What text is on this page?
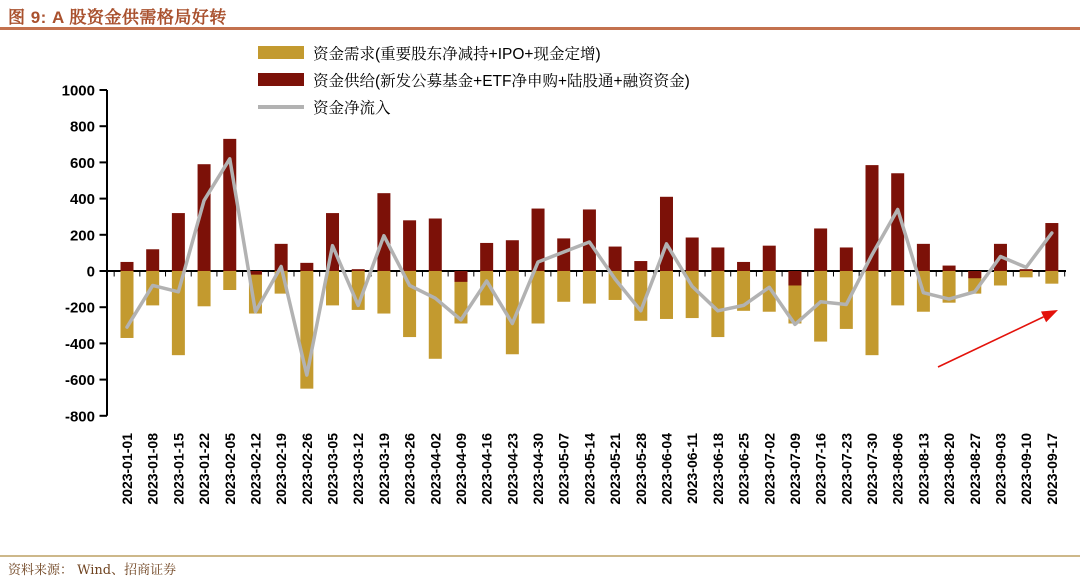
图 9: A 股资金供需格局好转
1000
800
600
400
200
0
-200
-400
-600
-800
2023-01-01 2023-01-08 2023-01-15 2023-01-22 2023-02-05 2023-02-12 2023-02-19 2023-02-26 2023-03-05 2023-03-12 2023-03-19 2023-03-26 2023-04-02 2023-04-09 2023-04-16 2023-04-23 2023-04-30 2023-05-07 2023-05-14 2023-05-21 2023-05-28 2023-06-04 2023-06-11 2023-06-18 2023-06-25 2023-07-02 2023-07-09 2023-07-16 2023-07-23 2023-07-30 2023-08-06 2023-08-13 2023-08-20 2023-08-27 2023-09-03 2023-09-10 2023-09-17
资金需求(重要股东净减持+IPO+现金定增)
资金供给(新发公募基金+ETF净申购+陆股通+融资资金)
资金净流入
资料来源： Wind、招商证券
